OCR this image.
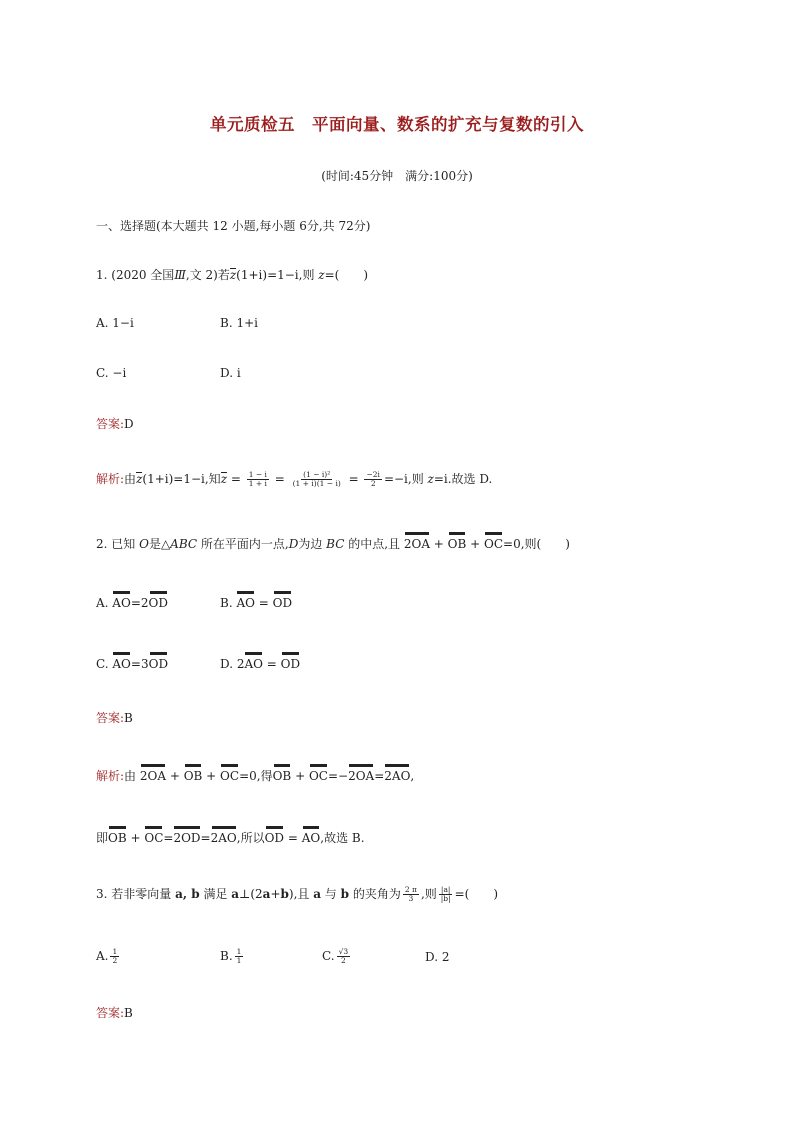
单元质检五　平面向量、数系的扩充与复数的引入
(时间:45分钟　满分:100分)
一、选择题(本大题共 12 小题,每小题 6分,共 72分)
1. (2020 全国Ⅲ,文 2)若z(1+i)=1−i,则 z=(　　)
A. 1−i	B. 1+i
C. −i	D. i
答案:D
解析:由z(1+i)=1−i,知$z = \frac{1 - i}{1 + i} = \frac{\text{(1 − i)²}}{(1 + i)(1 - i)} = \frac{-2i}{2} =-i$,则 z=i.故选 D.
2. 已知 O是△ABC 所在平面内一点,D为边 BC 的中点,且 2OA + OB + OC=0,则(　　)
A. AO=2OD	B. AO = OD
C. AO=3OD	D. 2AO = OD
答案:B
解析:由 2OA + OB + OC=0,得OB + OC=−2OA=2AO,
即OB + OC=2OD=2AO,所以OD = AO,故选 B.
3. 若非零向量 a, b 满足 a⊥(2a+b),且 a 与 b 的夹角为 $\frac{2 \pi}{3}$ ,则 $\frac{|a|}{|b|}$ =(　　)
A. $\frac{1}{2}$	B. $\frac{1}{1}$	C. $\frac{√3}{2}$	D. 2
答案:B
